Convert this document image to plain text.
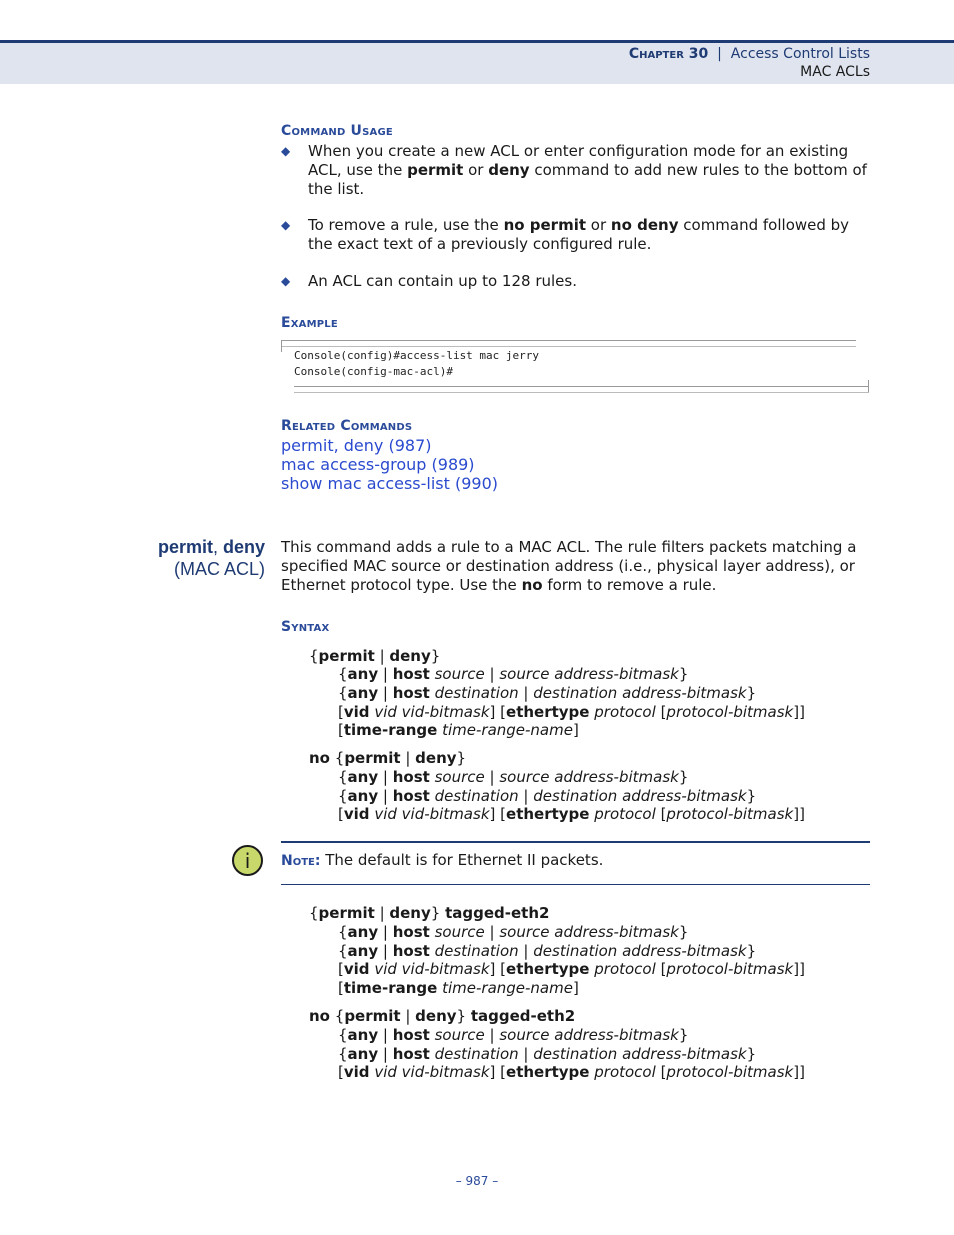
Chapter 30 | Access Control Lists
MAC ACLs
Command Usage
◆ When you create a new ACL or enter configuration mode for an existing ACL, use the permit or deny command to add new rules to the bottom of the list.
◆ To remove a rule, use the no permit or no deny command followed by the exact text of a previously configured rule.
◆ An ACL can contain up to 128 rules.
Example
Console(config)#access-list mac jerry
Console(config-mac-acl)#
Related Commands
permit, deny (987)
mac access-group (989)
show mac access-list (990)
permit, deny
(MAC ACL)
This command adds a rule to a MAC ACL. The rule filters packets matching a specified MAC source or destination address (i.e., physical layer address), or Ethernet protocol type. Use the no form to remove a rule.
Syntax
{permit | deny}
{any | host source | source address-bitmask}
{any | host destination | destination address-bitmask}
[vid vid vid-bitmask] [ethertype protocol [protocol-bitmask]]
[time-range time-range-name]
no {permit | deny}
{any | host source | source address-bitmask}
{any | host destination | destination address-bitmask}
[vid vid vid-bitmask] [ethertype protocol [protocol-bitmask]]
i	Note: The default is for Ethernet II packets.
{permit | deny} tagged-eth2
{any | host source | source address-bitmask}
{any | host destination | destination address-bitmask}
[vid vid vid-bitmask] [ethertype protocol [protocol-bitmask]]
[time-range time-range-name]
no {permit | deny} tagged-eth2
{any | host source | source address-bitmask}
{any | host destination | destination address-bitmask}
[vid vid vid-bitmask] [ethertype protocol [protocol-bitmask]]
– 987 –
